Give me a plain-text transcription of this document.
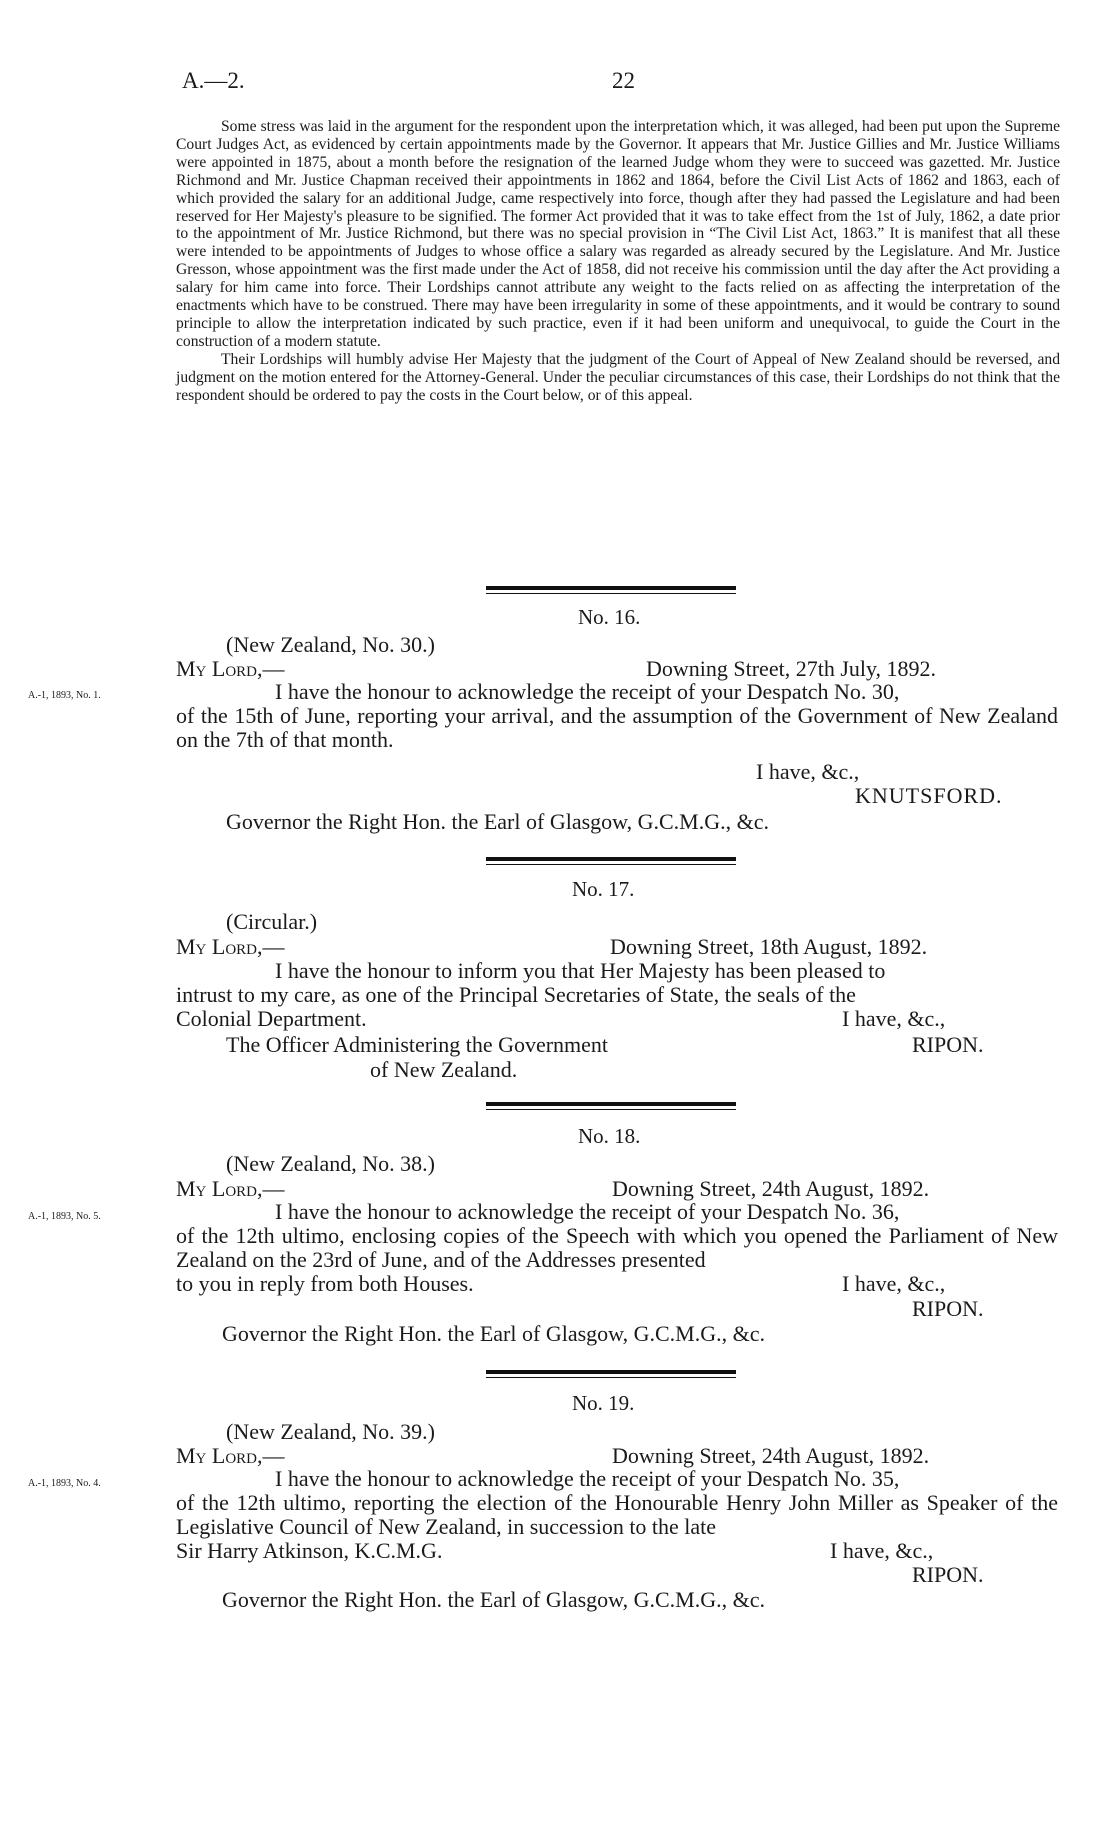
A.—2.	22

Some stress was laid in the argument for the respondent upon the interpretation which, it was alleged, had been put upon the Supreme Court Judges Act, as evidenced by certain appointments made by the Governor. It appears that Mr. Justice Gillies and Mr. Justice Williams were appointed in 1875, about a month before the resignation of the learned Judge whom they were to succeed was gazetted. Mr. Justice Richmond and Mr. Justice Chapman received their appointments in 1862 and 1864, before the Civil List Acts of 1862 and 1863, each of which provided the salary for an additional Judge, came respectively into force, though after they had passed the Legislature and had been reserved for Her Majesty's pleasure to be signified. The former Act provided that it was to take effect from the 1st of July, 1862, a date prior to the appointment of Mr. Justice Richmond, but there was no special provision in “The Civil List Act, 1863.” It is manifest that all these were intended to be appointments of Judges to whose office a salary was regarded as already secured by the Legislature. And Mr. Justice Gresson, whose appointment was the first made under the Act of 1858, did not receive his commission until the day after the Act providing a salary for him came into force. Their Lordships cannot attribute any weight to the facts relied on as affecting the interpretation of the enactments which have to be construed. There may have been irregularity in some of these appointments, and it would be contrary to sound principle to allow the interpretation indicated by such practice, even if it had been uniform and unequivocal, to guide the Court in the construction of a modern statute.

Their Lordships will humbly advise Her Majesty that the judgment of the Court of Appeal of New Zealand should be reversed, and judgment on the motion entered for the Attorney-General. Under the peculiar circumstances of this case, their Lordships do not think that the respondent should be ordered to pay the costs in the Court below, or of this appeal.

No. 16.
(New Zealand, No. 30.)
My Lord,—	Downing Street, 27th July, 1892.
A.-1, 1893, No. 1.	I have the honour to acknowledge the receipt of your Despatch No. 30,

of the 15th of June, reporting your arrival, and the assumption of the Government of New Zealand on the 7th of that month.

I have, &c.,
KNUTSFORD.
Governor the Right Hon. the Earl of Glasgow, G.C.M.G., &c.
No. 17.
(Circular.)
My Lord,—	Downing Street, 18th August, 1892.

I have the honour to inform you that Her Majesty has been pleased to

intrust to my care, as one of the Principal Secretaries of State, the seals of the

Colonial Department.	I have, &c.,
The Officer Administering the Government	RIPON.
of New Zealand.
No. 18.
(New Zealand, No. 38.)
My Lord,—	Downing Street, 24th August, 1892.
A.-1, 1893, No. 5.	I have the honour to acknowledge the receipt of your Despatch No. 36,

of the 12th ultimo, enclosing copies of the Speech with which you opened the Parliament of New Zealand on the 23rd of June, and of the Addresses presented

to you in reply from both Houses.	I have, &c.,
RIPON.
Governor the Right Hon. the Earl of Glasgow, G.C.M.G., &c.
No. 19.
(New Zealand, No. 39.)
My Lord,—	Downing Street, 24th August, 1892.
A.-1, 1893, No. 4.	I have the honour to acknowledge the receipt of your Despatch No. 35,

of the 12th ultimo, reporting the election of the Honourable Henry John Miller as Speaker of the Legislative Council of New Zealand, in succession to the late

Sir Harry Atkinson, K.C.M.G.	I have, &c.,
RIPON.
Governor the Right Hon. the Earl of Glasgow, G.C.M.G., &c.
